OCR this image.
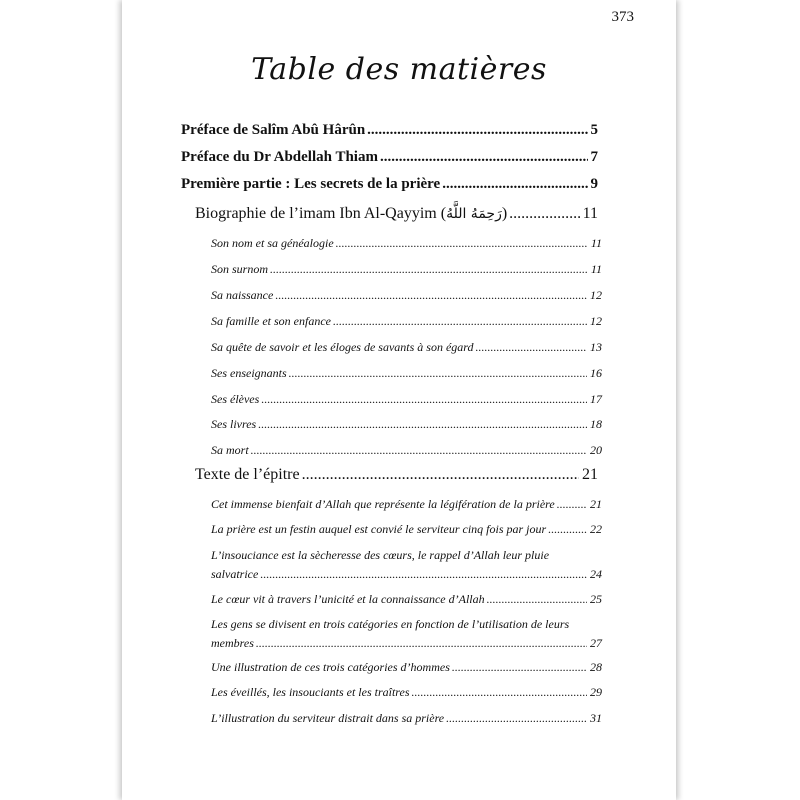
373
Table des matières
Préface de Salîm Abû Hârûn .....	5
Préface du Dr Abdellah Thiam .....	7
Première partie : Les secrets de la prière .....	9
Biographie de l’imam Ibn Al-Qayyim ( رَحِمَهُ اللَّهُ ) .....	11
Son nom et sa généalogie .....	11
Son surnom .....	11
Sa naissance .....	12
Sa famille et son enfance .....	12
Sa quête de savoir et les éloges de savants à son égard .....	13
Ses enseignants .....	16
Ses élèves .....	17
Ses livres .....	18
Sa mort .....	20
Texte de l’épitre .....	21
Cet immense bienfait d’Allah que représente la légifération de la prière .....	21
La prière est un festin auquel est convié le serviteur cinq fois par jour .....	22
L’insouciance est la sècheresse des cœurs, le rappel d’Allah leur pluie
salvatrice .....	24
Le cœur vit à travers l’unicité et la connaissance d’Allah .....	25
Les gens se divisent en trois catégories en fonction de l’utilisation de leurs
membres .....	27
Une illustration de ces trois catégories d’hommes .....	28
Les éveillés, les insouciants et les traîtres .....	29
L’illustration du serviteur distrait dans sa prière .....	31
